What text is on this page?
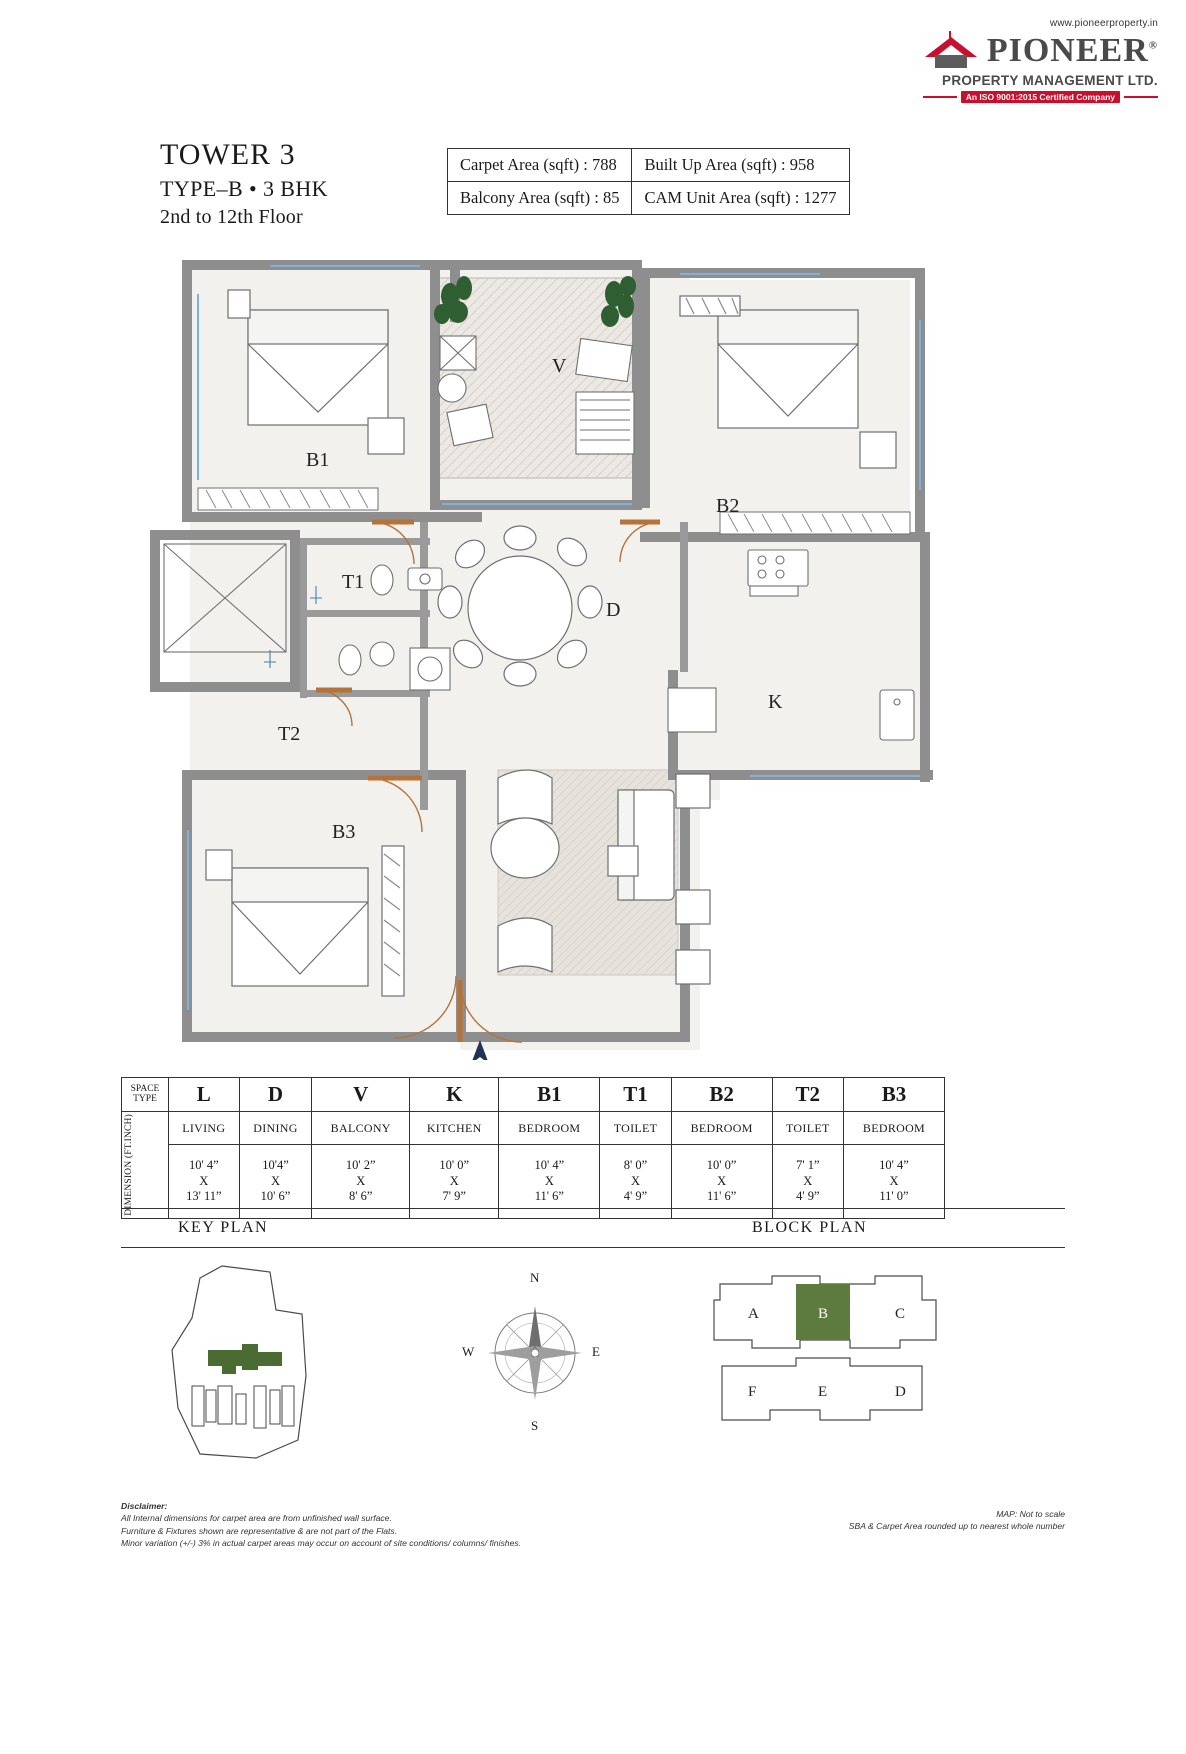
www.pioneerproperty.in
PIONEER®
PROPERTY MANAGEMENT LTD.
An ISO 9001:2015 Certified Company
TOWER 3
TYPE–B • 3 BHK
2nd to 12th Floor
Carpet Area (sqft) : 788	Built Up Area (sqft) : 958
Balcony Area (sqft) : 85	CAM Unit Area (sqft) : 1277
B1
B2
B3
T1
T2
D
K
V
SPACE TYPE	L	D	V	K	B1	T1	B2	T2	B3

DIMENSION (FT.INCH)	LIVING	DINING	BALCONY	KITCHEN	BEDROOM	TOILET	BEDROOM	TOILET	BEDROOM
	10' 4”
X
13' 11”	10'4”
X
10' 6”	10' 2”
X
8' 6”	10' 0”
X
7' 9”	10' 4”
X
11' 6”	8' 0”
X
4' 9”	10' 0”
X
11' 6”	7' 1”
X
4' 9”	10' 4”
X
11' 0”
KEY PLAN	BLOCK PLAN
N
E
S
W
A	B	C
F	E	D
Disclaimer:
All Internal dimensions for carpet area are from unfinished wall surface.
Furniture & Fixtures shown are representative & are not part of the Flats.
Minor variation (+/-) 3% in actual carpet areas may occur on account of site conditions/ columns/ finishes.
MAP: Not to scale
SBA & Carpet Area rounded up to nearest whole number
